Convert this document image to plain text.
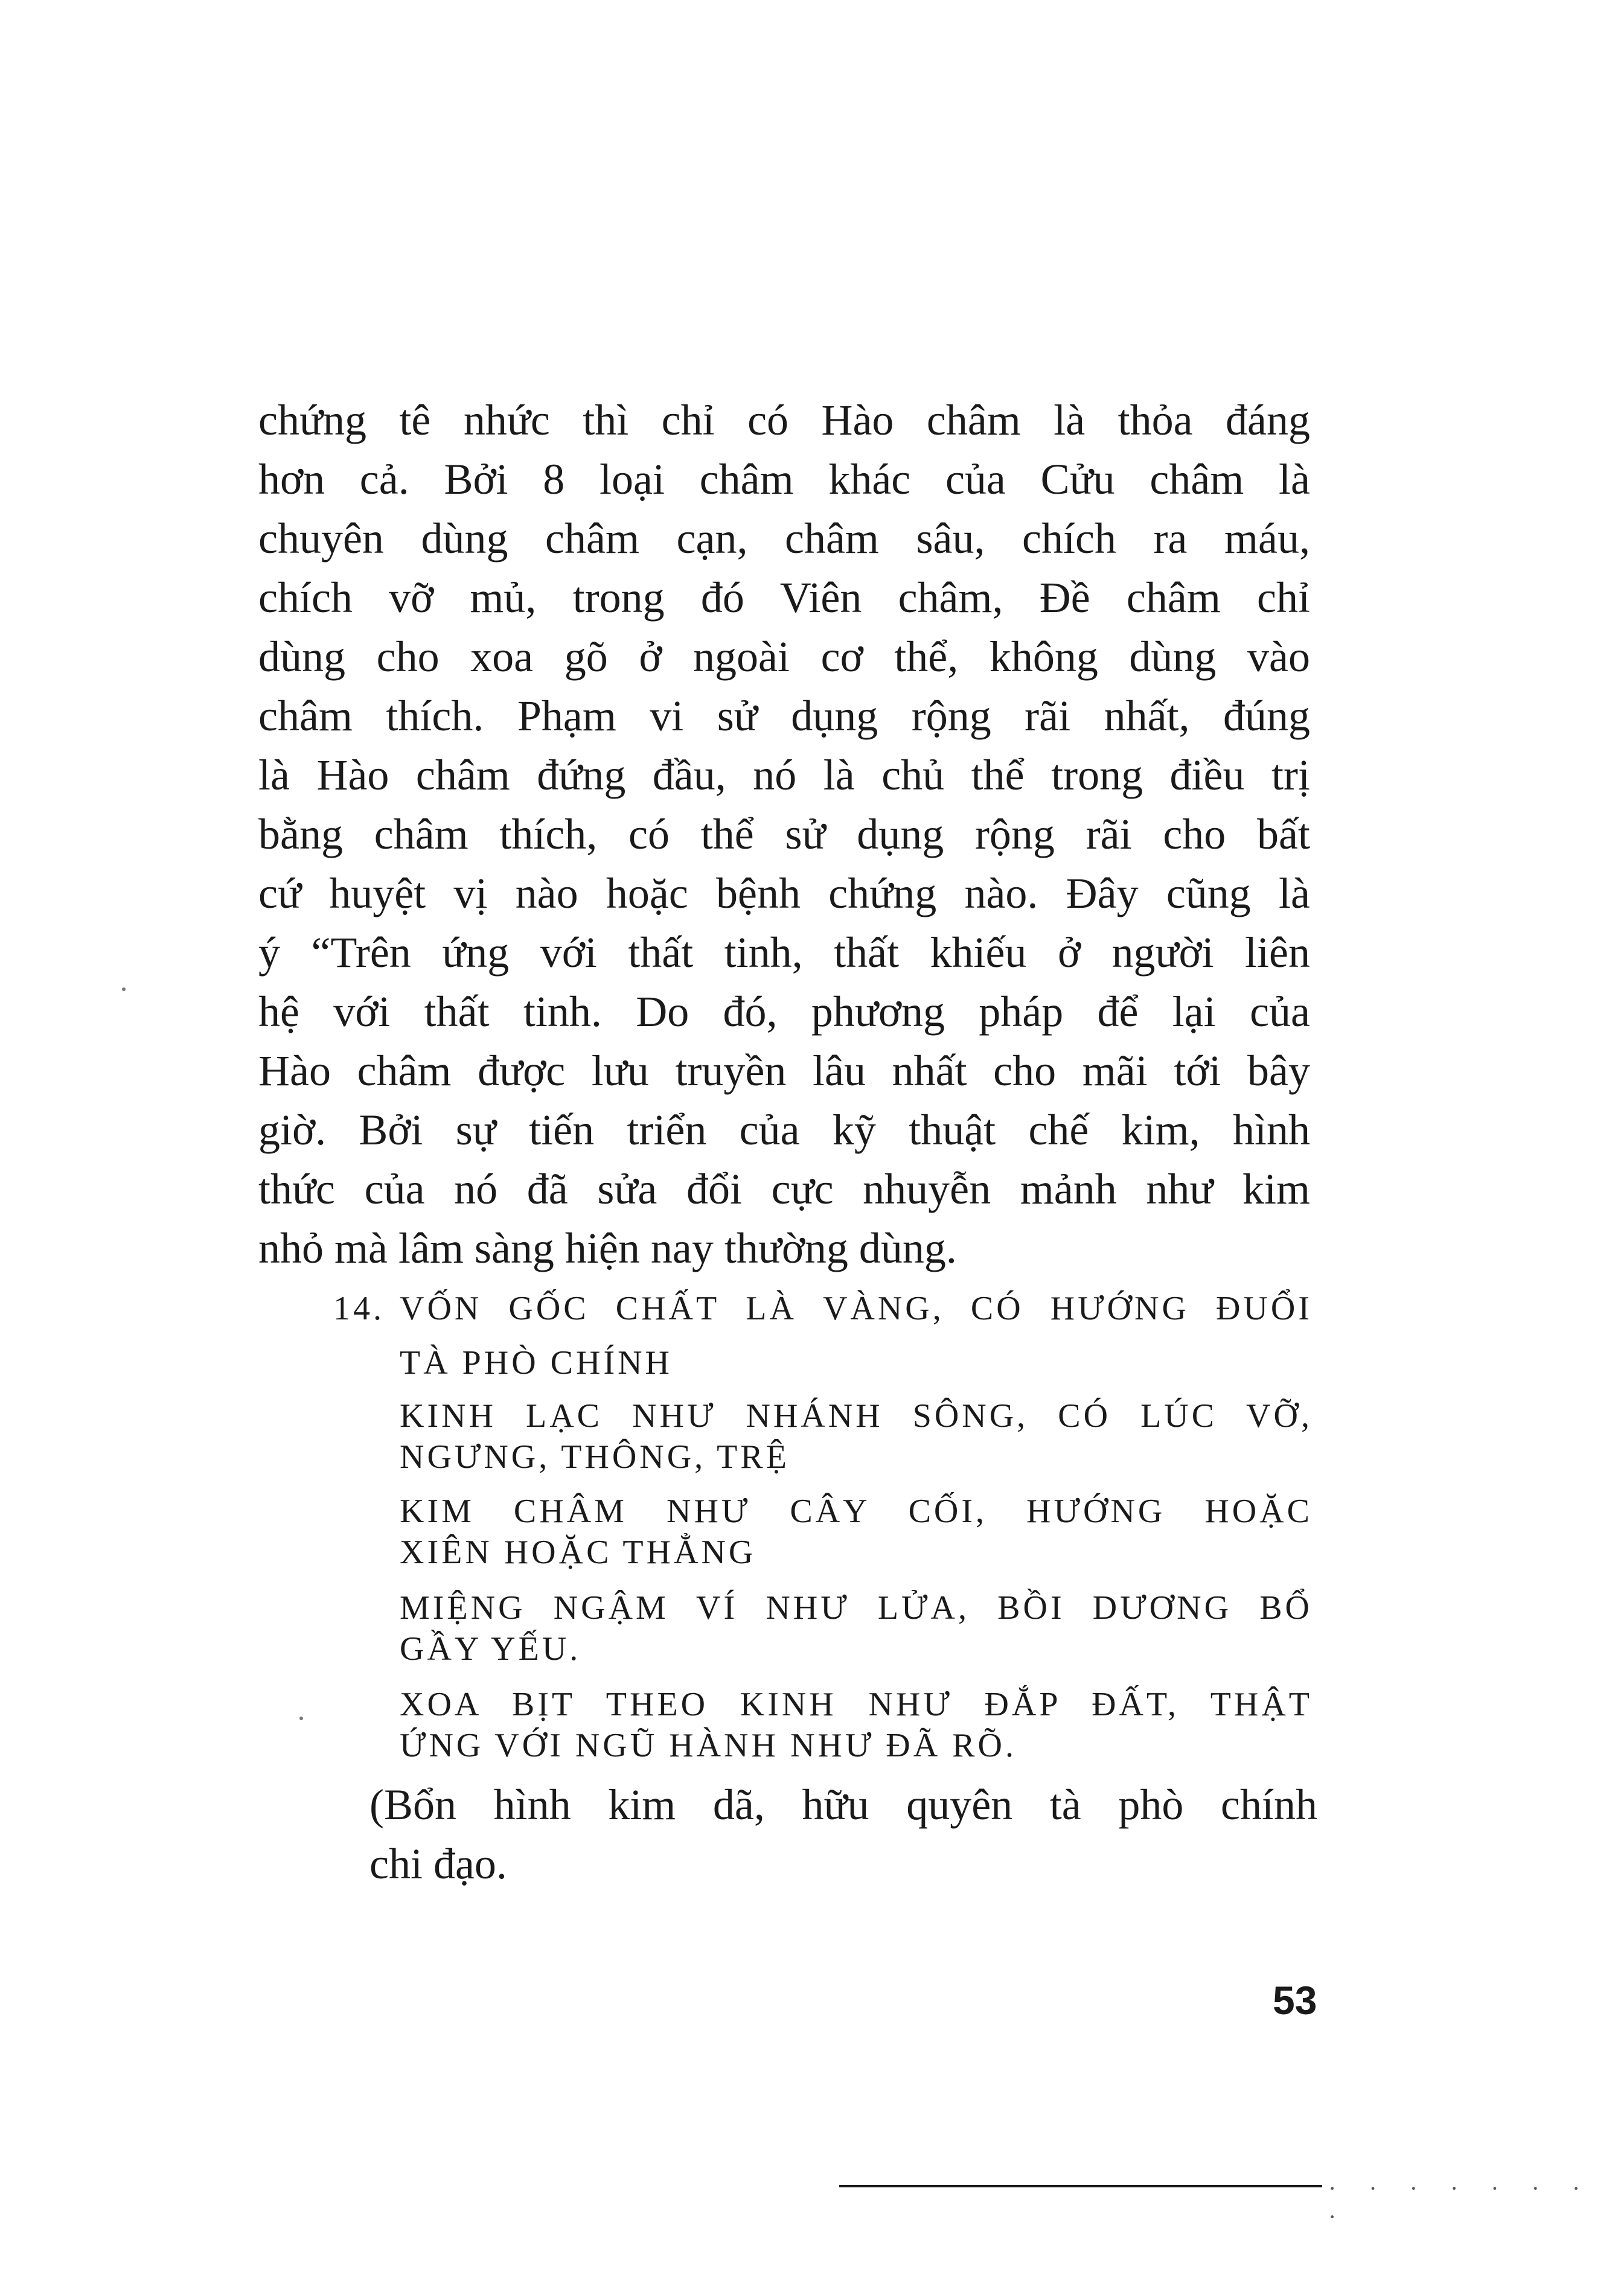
chứng tê nhức thì chỉ có Hào châm là thỏa đáng
hơn cả. Bởi 8 loại châm khác của Cửu châm là
chuyên dùng châm cạn, châm sâu, chích ra máu,
chích vỡ mủ, trong đó Viên châm, Đề châm chỉ
dùng cho xoa gõ ở ngoài cơ thể, không dùng vào
châm thích. Phạm vi sử dụng rộng rãi nhất, đúng
là Hào châm đứng đầu, nó là chủ thể trong điều trị
bằng châm thích, có thể sử dụng rộng rãi cho bất
cứ huyệt vị nào hoặc bệnh chứng nào. Đây cũng là
ý “Trên ứng với thất tinh, thất khiếu ở người liên
hệ với thất tinh. Do đó, phương pháp để lại của
Hào châm được lưu truyền lâu nhất cho mãi tới bây
giờ. Bởi sự tiến triển của kỹ thuật chế kim, hình
thức của nó đã sửa đổi cực nhuyễn mảnh như kim
nhỏ mà lâm sàng hiện nay thường dùng.
14. VỐN GỐC CHẤT LÀ VÀNG, CÓ HƯỚNG ĐUỔI
TÀ PHÒ CHÍNH
KINH LẠC NHƯ NHÁNH SÔNG, CÓ LÚC VỠ,
NGƯNG, THÔNG, TRỆ
KIM CHÂM NHƯ CÂY CỐI, HƯỚNG HOẶC
XIÊN HOẶC THẲNG
MIỆNG NGẬM VÍ NHƯ LỬA, BỒI DƯƠNG BỔ
GẦY YẾU.
XOA BỊT THEO KINH NHƯ ĐẮP ĐẤT, THẬT
ỨNG VỚI NGŨ HÀNH NHƯ ĐÃ RÕ.
(Bổn hình kim dã, hữu quyên tà phò chính
chi đạo.
53
· · · · · · · ·
